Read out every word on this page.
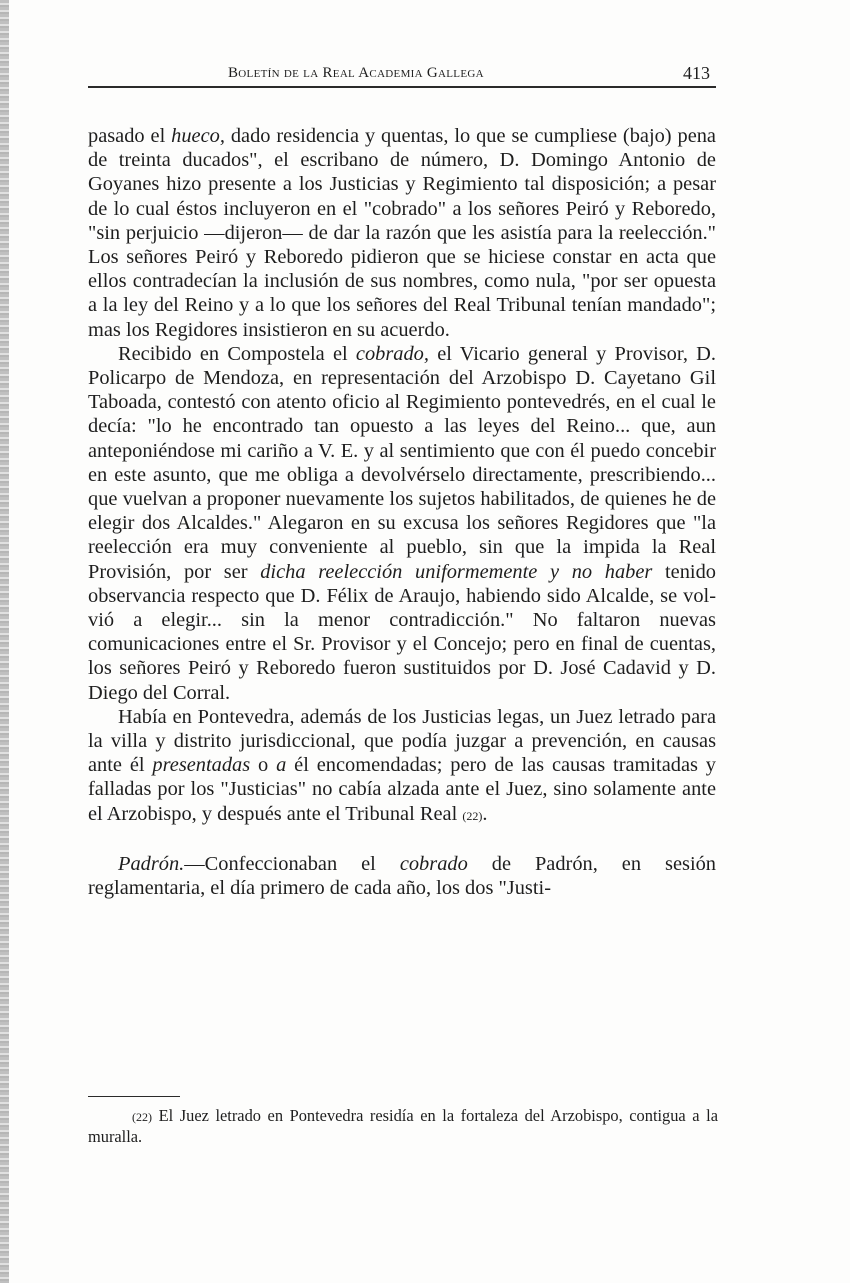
Boletín de la Real Academia Gallega	413

pasado el hueco, dado residencia y quentas, lo que se cumpliese (bajo) pena de treinta ducados", el escribano de número, D. Domingo Antonio de Goyanes hizo presente a los Justicias y Regimiento tal disposición; a pesar de lo cual éstos incluyeron en el "cobrado" a los señores Peiró y Reboredo, "sin perjuicio —dijeron— de dar la razón que les asistía para la reelección." Los señores Peiró y Reboredo pidieron que se hiciese constar en acta que ellos contradecían la inclusión de sus nombres, como nula, "por ser opuesta a la ley del Reino y a lo que los señores del Real Tribunal tenían mandado"; mas los Regidores insistieron en su acuerdo.

Recibido en Compostela el cobrado, el Vicario general y Provisor, D. Policarpo de Mendoza, en representación del Arzobispo D. Cayetano Gil Taboada, contestó con atento oficio al Regimiento pontevedrés, en el cual le decía: "lo he encontrado tan opuesto a las leyes del Reino... que, aun anteponiéndose mi cariño a V. E. y al sentimiento que con él puedo concebir en este asunto, que me obliga a devolvérselo directamente, prescribiendo... que vuelvan a proponer nuevamente los sujetos habilitados, de quienes he de elegir dos Alcaldes." Alegaron en su excusa los señores Regidores que "la reelección era muy conveniente al pueblo, sin que la impida la Real Provisión, por ser dicha reelección uniformemente y no haber tenido observancia respecto que D. Félix de Araujo, habiendo sido Alcalde, se volvió a elegir... sin la menor contradicción." No faltaron nuevas comunicaciones entre el Sr. Provisor y el Concejo; pero en final de cuentas, los señores Peiró y Reboredo fueron sustituidos por D. José Cadavid y D. Diego del Corral.

Había en Pontevedra, además de los Justicias legas, un Juez letrado para la villa y distrito jurisdiccional, que podía juzgar a prevención, en causas ante él presentadas o a él encomendadas; pero de las causas tramitadas y falladas por los "Justicias" no cabía alzada ante el Juez, sino solamente ante el Arzobispo, y después ante el Tribunal Real (22).

Padrón.—Confeccionaban el cobrado de Padrón, en sesión reglamentaria, el día primero de cada año, los dos "Justi-

(22) El Juez letrado en Pontevedra residía en la fortaleza del Arzobispo, contigua a la muralla.
